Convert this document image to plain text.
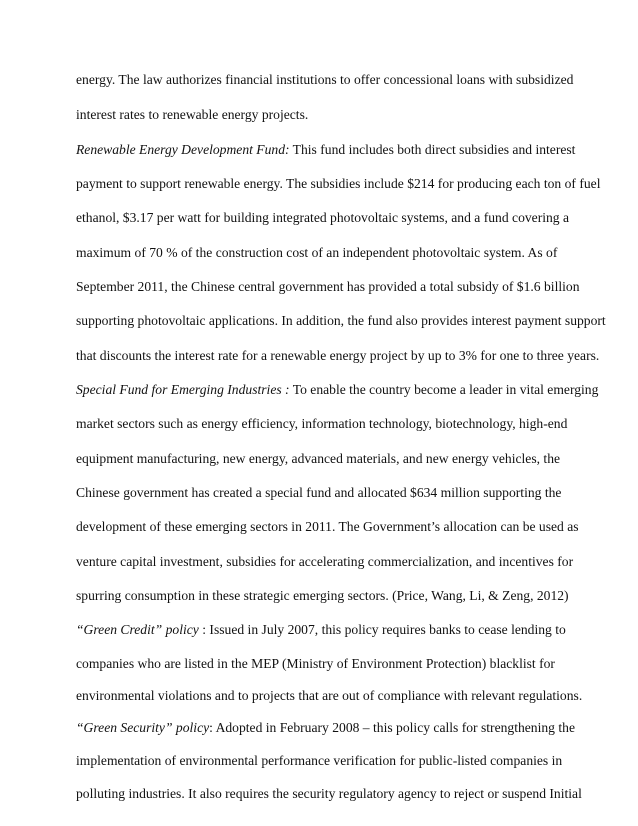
energy. The law authorizes financial institutions to offer concessional loans with subsidized

interest rates to renewable energy projects.

Renewable Energy Development Fund: This fund includes both direct subsidies and interest

payment to support renewable energy. The subsidies include $214 for producing each ton of fuel

ethanol, $3.17 per watt for building integrated photovoltaic systems, and a fund covering a

maximum of 70 % of the construction cost of an independent photovoltaic system. As of

September 2011, the Chinese central government has provided a total subsidy of $1.6 billion

supporting photovoltaic applications. In addition, the fund also provides interest payment support

that discounts the interest rate for a renewable energy project by up to 3% for one to three years.

Special Fund for Emerging Industries : To enable the country become a leader in vital emerging

market sectors such as energy efficiency, information technology, biotechnology, high-end

equipment manufacturing, new energy, advanced materials, and new energy vehicles, the

Chinese government has created a special fund and allocated $634 million supporting the

development of these emerging sectors in 2011. The Government’s allocation can be used as

venture capital investment, subsidies for accelerating commercialization, and incentives for

spurring consumption in these strategic emerging sectors. (Price, Wang, Li, & Zeng, 2012)

“Green Credit” policy : Issued in July 2007, this policy requires banks to cease lending to

companies who are listed in the MEP (Ministry of Environment Protection) blacklist for

environmental violations and to projects that are out of compliance with relevant regulations.

“Green Security” policy: Adopted in February 2008 – this policy calls for strengthening the

implementation of environmental performance verification for public-listed companies in

polluting industries. It also requires the security regulatory agency to reject or suspend Initial
